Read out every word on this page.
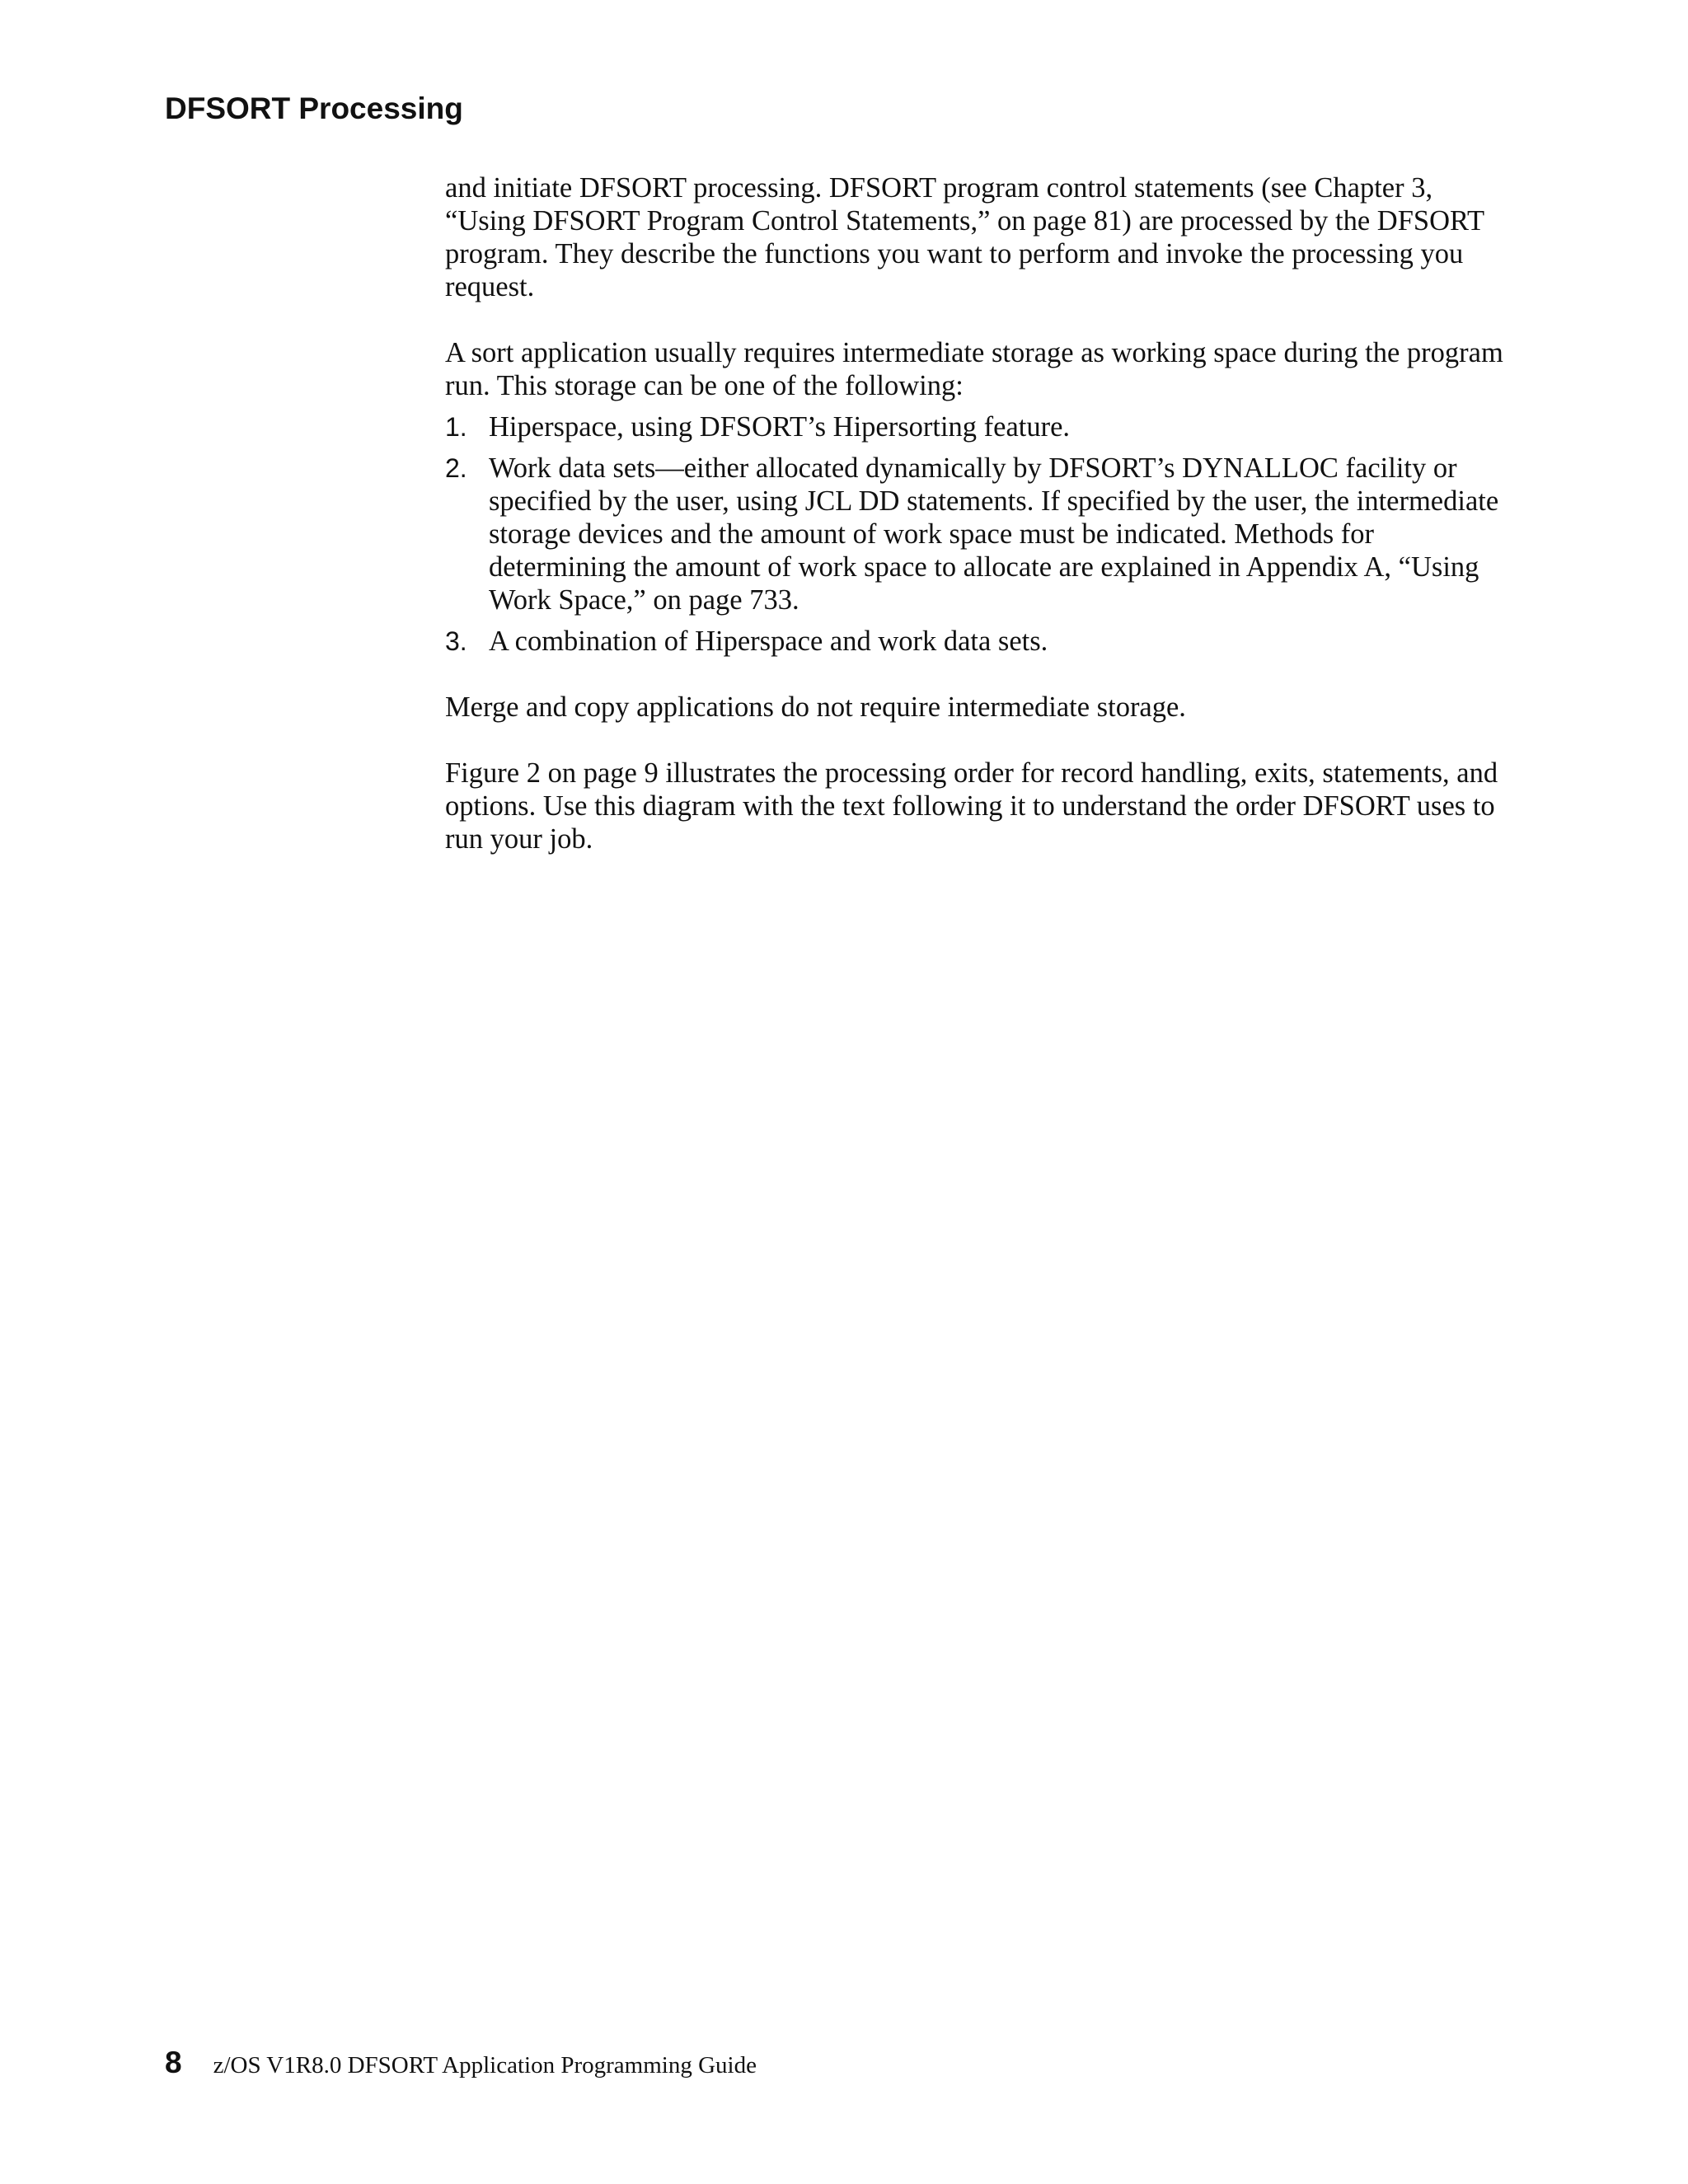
DFSORT Processing

and initiate DFSORT processing. DFSORT program control statements (see Chapter 3, “Using DFSORT Program Control Statements,” on page 81) are processed by the DFSORT program. They describe the functions you want to perform and invoke the processing you request.

A sort application usually requires intermediate storage as working space during the program run. This storage can be one of the following:

1. Hiperspace, using DFSORT’s Hipersorting feature.
2. Work data sets—either allocated dynamically by DFSORT’s DYNALLOC facility or specified by the user, using JCL DD statements. If specified by the user, the intermediate storage devices and the amount of work space must be indicated. Methods for determining the amount of work space to allocate are explained in Appendix A, “Using Work Space,” on page 733.
3. A combination of Hiperspace and work data sets.

Merge and copy applications do not require intermediate storage.

Figure 2 on page 9 illustrates the processing order for record handling, exits, statements, and options. Use this diagram with the text following it to understand the order DFSORT uses to run your job.

8 z/OS V1R8.0 DFSORT Application Programming Guide
